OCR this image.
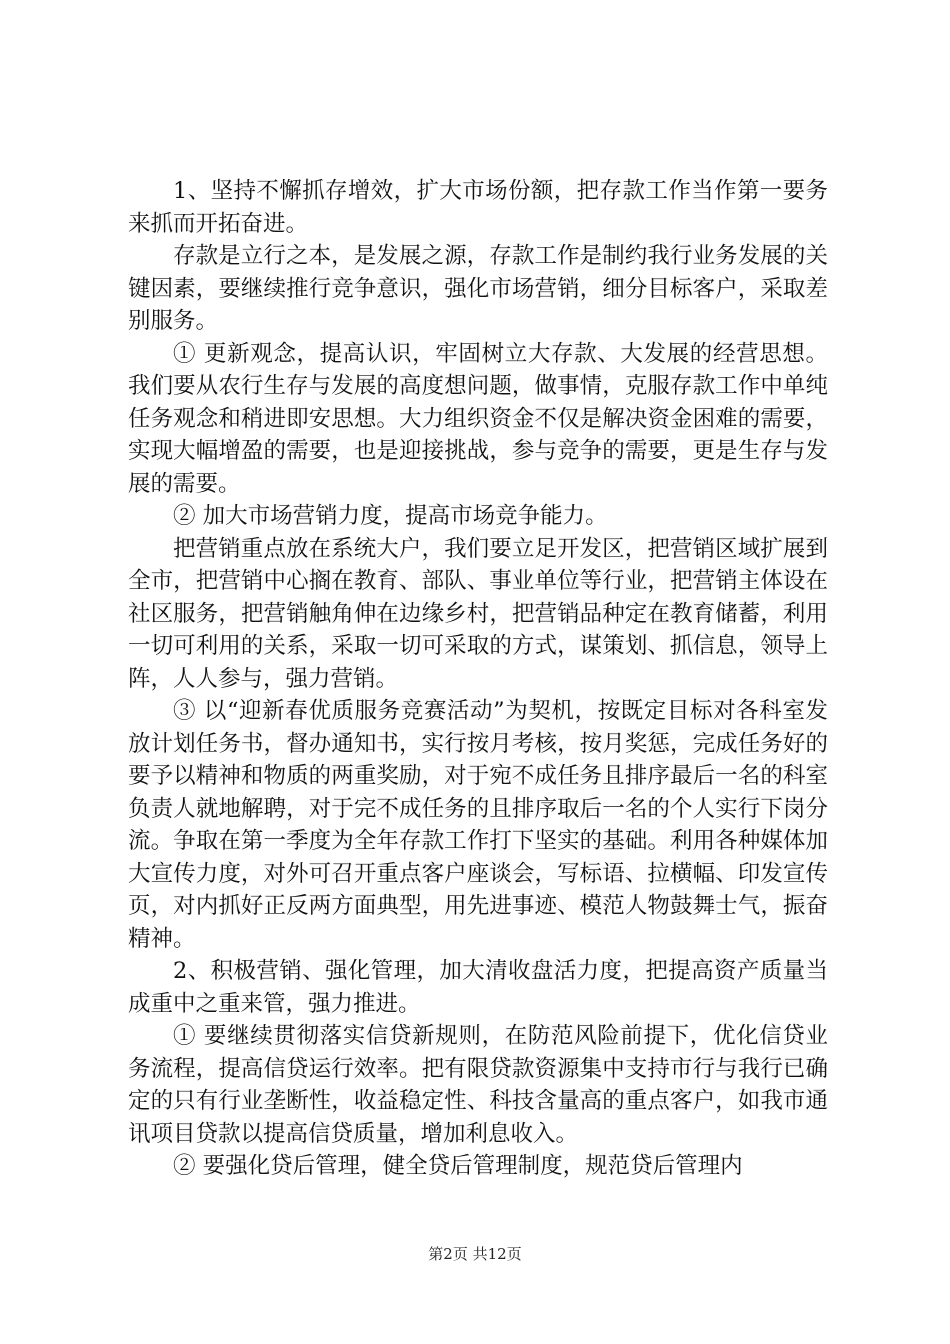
1、坚持不懈抓存增效，扩大市场份额，把存款工作当作第一要务来抓而开拓奋进。

存款是立行之本，是发展之源，存款工作是制约我行业务发展的关键因素，要继续推行竞争意识，强化市场营销，细分目标客户，采取差别服务。

① 更新观念，提高认识，牢固树立大存款、大发展的经营思想。我们要从农行生存与发展的高度想问题，做事情，克服存款工作中单纯任务观念和稍进即安思想。大力组织资金不仅是解决资金困难的需要，实现大幅增盈的需要，也是迎接挑战，参与竞争的需要，更是生存与发展的需要。

② 加大市场营销力度，提高市场竞争能力。

把营销重点放在系统大户，我们要立足开发区，把营销区域扩展到全市，把营销中心搁在教育、部队、事业单位等行业，把营销主体设在社区服务，把营销触角伸在边缘乡村，把营销品种定在教育储蓄，利用一切可利用的关系，采取一切可采取的方式，谋策划、抓信息，领导上阵，人人参与，强力营销。

③ 以“迎新春优质服务竞赛活动”为契机，按既定目标对各科室发放计划任务书，督办通知书，实行按月考核，按月奖惩，完成任务好的要予以精神和物质的两重奖励，对于宛不成任务且排序最后一名的科室负责人就地解聘，对于完不成任务的且排序取后一名的个人实行下岗分流。争取在第一季度为全年存款工作打下坚实的基础。利用各种媒体加大宣传力度，对外可召开重点客户座谈会，写标语、拉横幅、印发宣传页，对内抓好正反两方面典型，用先进事迹、模范人物鼓舞士气，振奋精神。

2、积极营销、强化管理，加大清收盘活力度，把提高资产质量当成重中之重来管，强力推进。

① 要继续贯彻落实信贷新规则，在防范风险前提下，优化信贷业务流程，提高信贷运行效率。把有限贷款资源集中支持市行与我行已确定的只有行业垄断性，收益稳定性、科技含量高的重点客户，如我市通讯项目贷款以提高信贷质量，增加利息收入。

② 要强化贷后管理，健全贷后管理制度，规范贷后管理内

第2页 共12页
